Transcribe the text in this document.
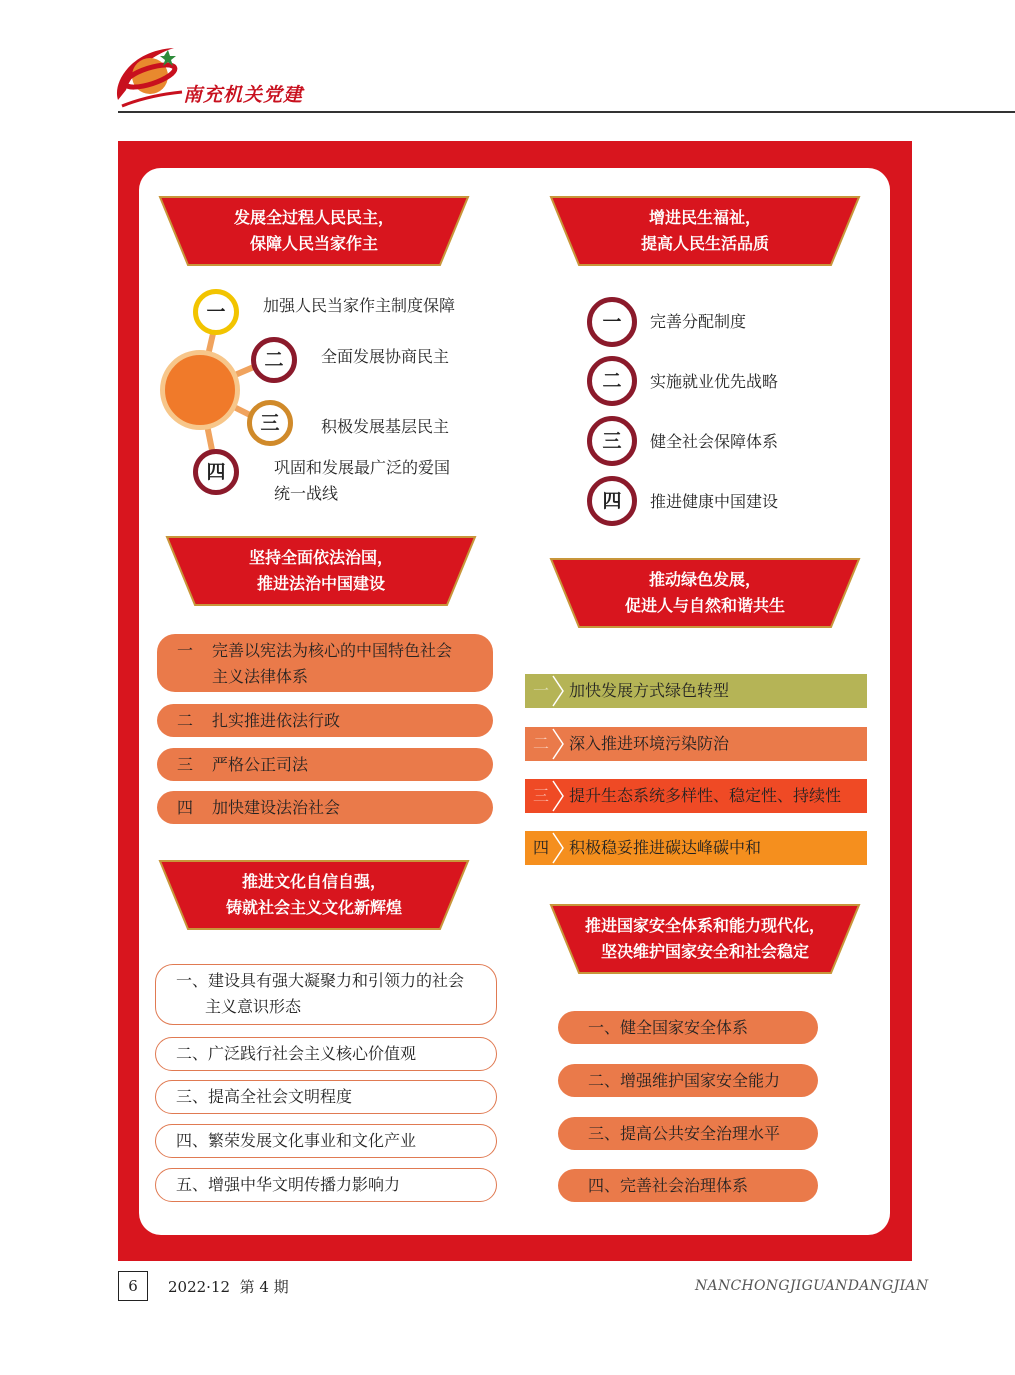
南充机关党建
发展全过程人民民主，
保障人民当家作主
一	加强人民当家作主制度保障
二	全面发展协商民主
三	积极发展基层民主
四	巩固和发展最广泛的爱国
统一战线
增进民生福祉，
提高人民生活品质
一	完善分配制度
二	实施就业优先战略
三	健全社会保障体系
四	推进健康中国建设
坚持全面依法治国，
推进法治中国建设
一 完善以宪法为核心的中国特色社会
主义法律体系
二 扎实推进依法行政
三 严格公正司法
四 加快建设法治社会
推动绿色发展，
促进人与自然和谐共生
一 加快发展方式绿色转型
二 深入推进环境污染防治
三 提升生态系统多样性、稳定性、持续性
四 积极稳妥推进碳达峰碳中和
推进文化自信自强，
铸就社会主义文化新辉煌
一、建设具有强大凝聚力和引领力的社会
主义意识形态
二、广泛践行社会主义核心价值观
三、提高全社会文明程度
四、繁荣发展文化事业和文化产业
五、增强中华文明传播力影响力
推进国家安全体系和能力现代化，
坚决维护国家安全和社会稳定
一、健全国家安全体系
二、增强维护国家安全能力
三、提高公共安全治理水平
四、完善社会治理体系
6	2022·12  第 4 期	NANCHONGJIGUANDANGJIAN
